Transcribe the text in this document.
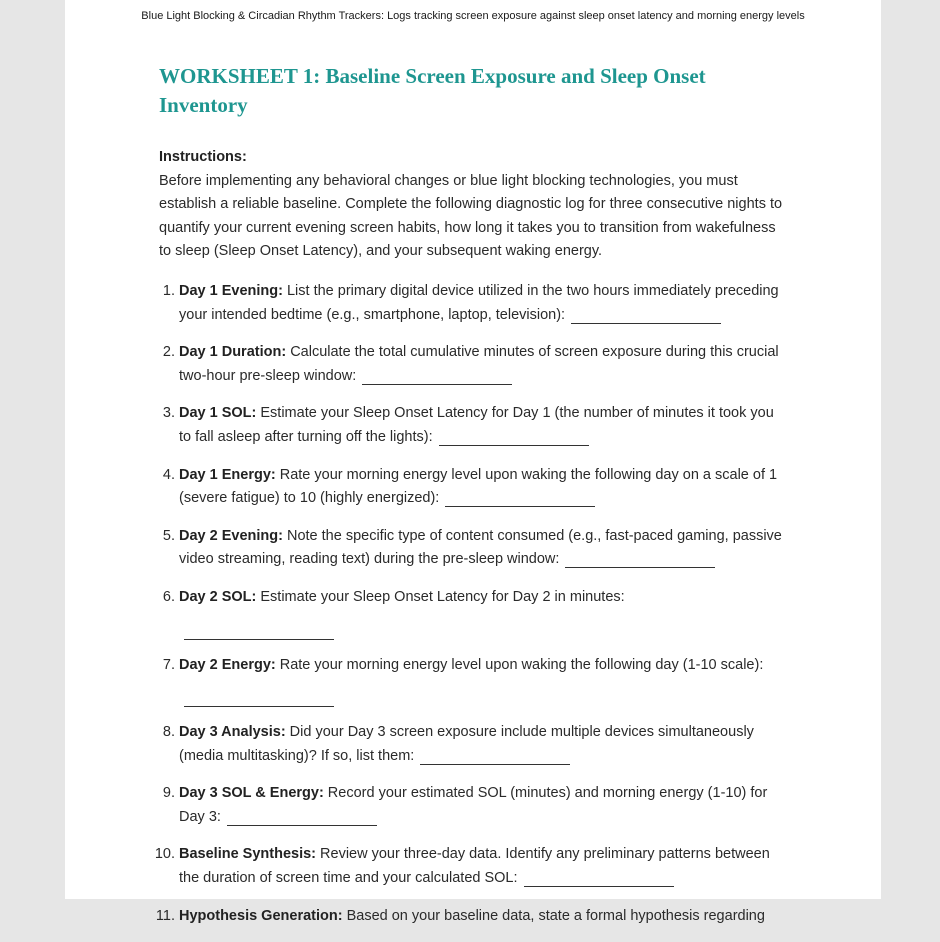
Blue Light Blocking & Circadian Rhythm Trackers: Logs tracking screen exposure against sleep onset latency and morning energy levels
WORKSHEET 1: Baseline Screen Exposure and Sleep Onset Inventory
Instructions:

Before implementing any behavioral changes or blue light blocking technologies, you must establish a reliable baseline. Complete the following diagnostic log for three consecutive nights to quantify your current evening screen habits, how long it takes you to transition from wakefulness to sleep (Sleep Onset Latency), and your subsequent waking energy.

1. Day 1 Evening: List the primary digital device utilized in the two hours immediately preceding your intended bedtime (e.g., smartphone, laptop, television):
2. Day 1 Duration: Calculate the total cumulative minutes of screen exposure during this crucial two-hour pre-sleep window:
3. Day 1 SOL: Estimate your Sleep Onset Latency for Day 1 (the number of minutes it took you to fall asleep after turning off the lights):
4. Day 1 Energy: Rate your morning energy level upon waking the following day on a scale of 1 (severe fatigue) to 10 (highly energized):
5. Day 2 Evening: Note the specific type of content consumed (e.g., fast-paced gaming, passive video streaming, reading text) during the pre-sleep window:
6. Day 2 SOL: Estimate your Sleep Onset Latency for Day 2 in minutes:
7. Day 2 Energy: Rate your morning energy level upon waking the following day (1-10 scale):
8. Day 3 Analysis: Did your Day 3 screen exposure include multiple devices simultaneously (media multitasking)? If so, list them:
9. Day 3 SOL & Energy: Record your estimated SOL (minutes) and morning energy (1-10) for Day 3:
10. Baseline Synthesis: Review your three-day data. Identify any preliminary patterns between the duration of screen time and your calculated SOL:
11. Hypothesis Generation: Based on your baseline data, state a formal hypothesis regarding
